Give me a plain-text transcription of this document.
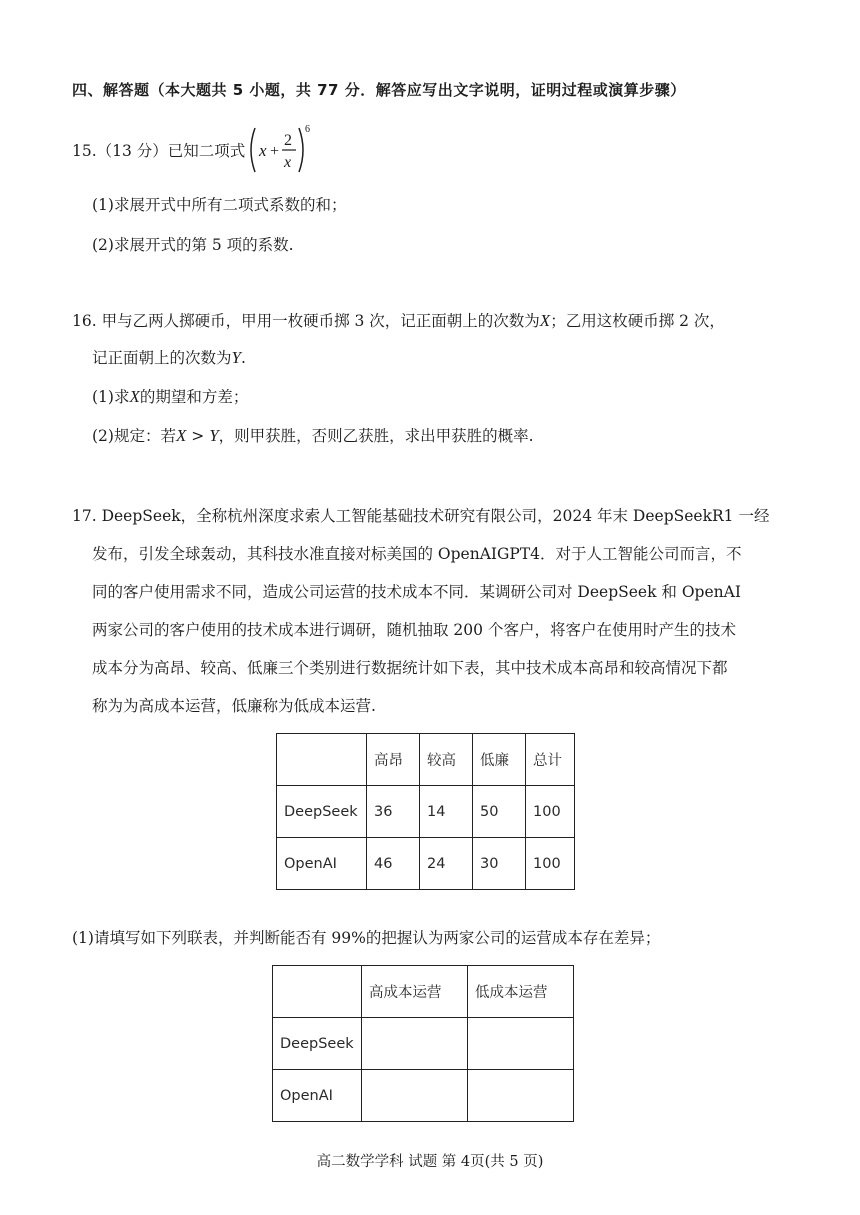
四、解答题（本大题共 5 小题，共 77 分．解答应写出文字说明，证明过程或演算步骤）
15.（13 分）已知二项式 x +
2
x
6
(1)求展开式中所有二项式系数的和；
(2)求展开式的第 5 项的系数.
16. 甲与乙两人掷硬币，甲用一枚硬币掷 3 次，记正面朝上的次数为X；乙用这枚硬币掷 2 次，
记正面朝上的次数为Y.
(1)求X的期望和方差；
(2)规定：若X > Y，则甲获胜，否则乙获胜，求出甲获胜的概率.
17. DeepSeek，全称杭州深度求索人工智能基础技术研究有限公司，2024 年末 DeepSeekR1 一经
发布，引发全球轰动，其科技水准直接对标美国的 OpenAIGPT4．对于人工智能公司而言，不
同的客户使用需求不同，造成公司运营的技术成本不同．某调研公司对 DeepSeek 和 OpenAI
两家公司的客户使用的技术成本进行调研，随机抽取 200 个客户，将客户在使用时产生的技术
成本分为高昂、较高、低廉三个类别进行数据统计如下表，其中技术成本高昂和较高情况下都
称为为高成本运营，低廉称为低成本运营.
	高昂	较高	低廉	总计
DeepSeek	36	14	50	100
OpenAI	46	24	30	100
(1)请填写如下列联表，并判断能否有 99%的把握认为两家公司的运营成本存在差异；
	高成本运营	低成本运营
DeepSeek		
OpenAI		
高二数学学科 试题 第 4页(共 5 页)
